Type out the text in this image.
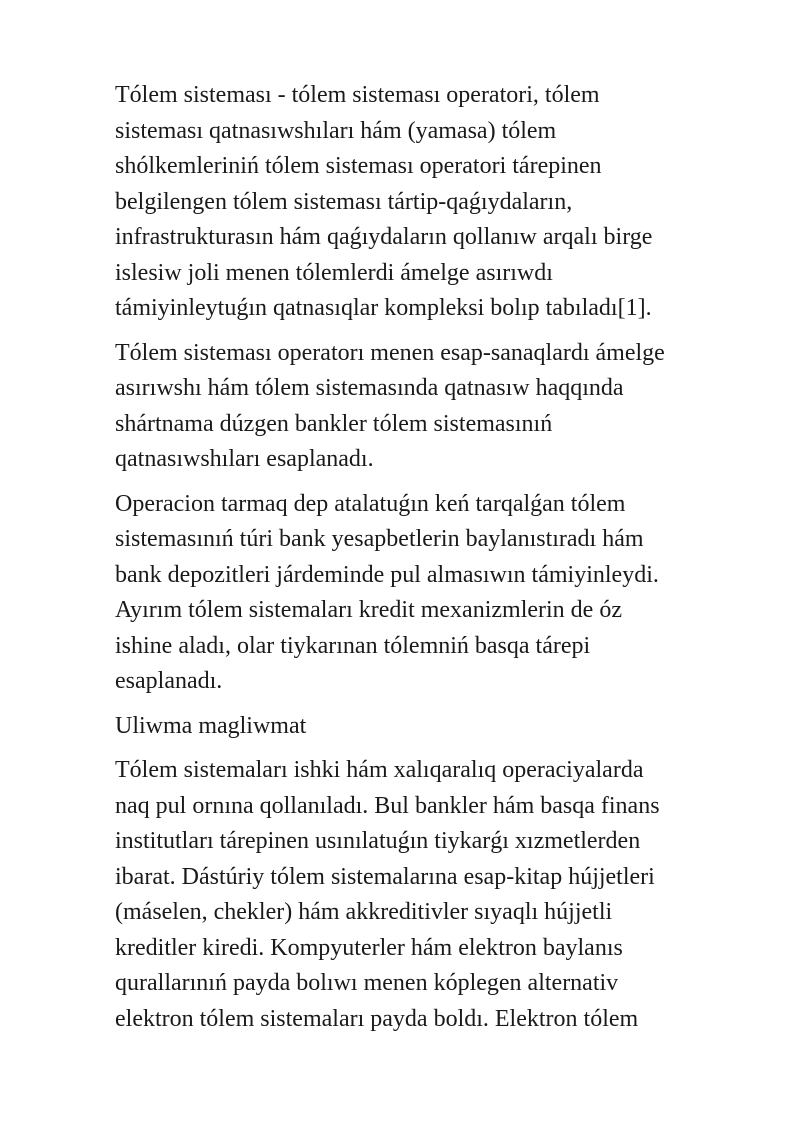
Tólem sisteması - tólem sisteması operatori, tólem
sisteması qatnasıwshıları hám (yamasa) tólem
shólkemleriniń tólem sisteması operatori tárepinen
belgilengen tólem sisteması tártip-qaǵıydaların,
infrastrukturasın hám qaǵıydaların qollanıw arqalı birge
islesiw joli menen tólemlerdi ámelge asırıwdı
támiyinleytuǵın qatnasıqlar kompleksi bolıp tabıladı[1].

Tólem sisteması operatorı menen esap-sanaqlardı ámelge
asırıwshı hám tólem sistemasında qatnasıw haqqında
shártnama dúzgen bankler tólem sistemasınıń
qatnasıwshıları esaplanadı.

Operacion tarmaq dep atalatuǵın keń tarqalǵan tólem
sistemasınıń túri bank yesapbetlerin baylanıstıradı hám
bank depozitleri járdeminde pul almasıwın támiyinleydi.
Ayırım tólem sistemaları kredit mexanizmlerin de óz
ishine aladı, olar tiykarınan tólemniń basqa tárepi
esaplanadı.

Uliwma magliwmat

Tólem sistemaları ishki hám xalıqaralıq operaciyalarda
naq pul ornına qollanıladı. Bul bankler hám basqa finans
institutları tárepinen usınılatuǵın tiykarǵı xızmetlerden
ibarat. Dástúriy tólem sistemalarına esap-kitap hújjetleri
(máselen, chekler) hám akkreditivler sıyaqlı hújjetli
kreditler kiredi. Kompyuterler hám elektron baylanıs
qurallarınıń payda bolıwı menen kóplegen alternativ
elektron tólem sistemaları payda boldı. Elektron tólem
